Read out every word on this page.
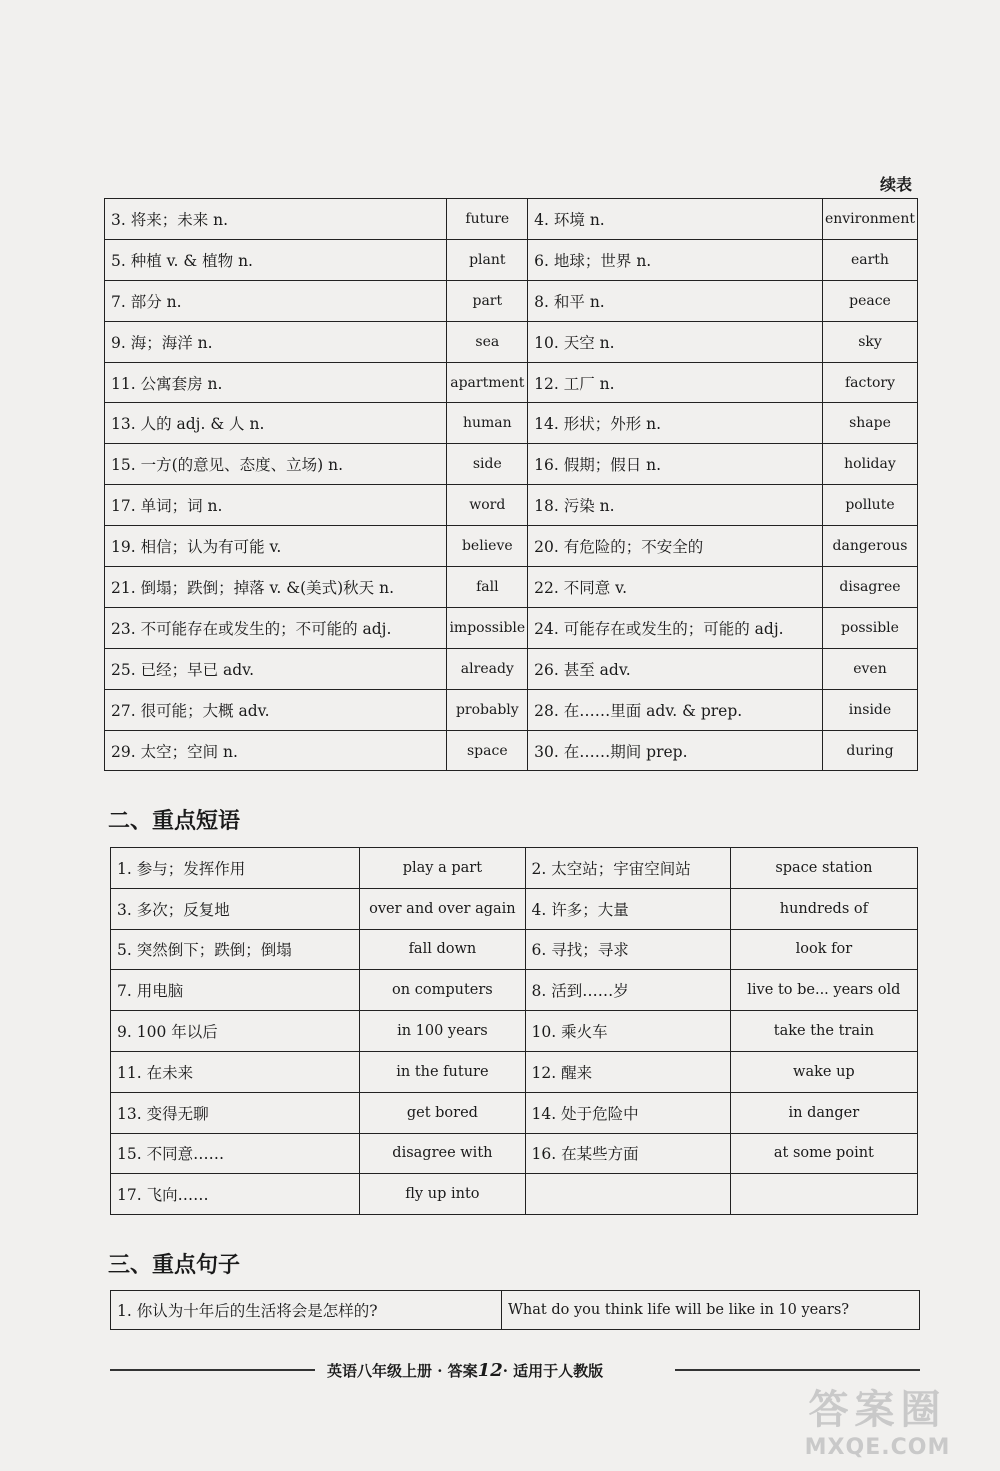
续表
3. 将来；未来 n.	future	4. 环境 n.	environment
5. 种植 v. & 植物 n.	plant	6. 地球；世界 n.	earth
7. 部分 n.	part	8. 和平 n.	peace
9. 海；海洋 n.	sea	10. 天空 n.	sky
11. 公寓套房 n.	apartment	12. 工厂 n.	factory
13. 人的 adj. & 人 n.	human	14. 形状；外形 n.	shape
15. 一方(的意见、态度、立场) n.	side	16. 假期；假日 n.	holiday
17. 单词；词 n.	word	18. 污染 n.	pollute
19. 相信；认为有可能 v.	believe	20. 有危险的；不安全的	dangerous
21. 倒塌；跌倒；掉落 v. &(美式)秋天 n.	fall	22. 不同意 v.	disagree
23. 不可能存在或发生的；不可能的 adj.	impossible	24. 可能存在或发生的；可能的 adj.	possible
25. 已经；早已 adv.	already	26. 甚至 adv.	even
27. 很可能；大概 adv.	probably	28. 在……里面 adv. & prep.	inside
29. 太空；空间 n.	space	30. 在……期间 prep.	during
二、重点短语
1. 参与；发挥作用	play a part	2. 太空站；宇宙空间站	space station
3. 多次；反复地	over and over again	4. 许多；大量	hundreds of
5. 突然倒下；跌倒；倒塌	fall down	6. 寻找；寻求	look for
7. 用电脑	on computers	8. 活到……岁	live to be... years old
9. 100 年以后	in 100 years	10. 乘火车	take the train
11. 在未来	in the future	12. 醒来	wake up
13. 变得无聊	get bored	14. 处于危险中	in danger
15. 不同意……	disagree with	16. 在某些方面	at some point
17. 飞向……	fly up into		
三、重点句子
1. 你认为十年后的生活将会是怎样的?	What do you think life will be like in 10 years?
英语八年级上册 · 答案12· 适用于人教版
答案圈
MXQE.COM
